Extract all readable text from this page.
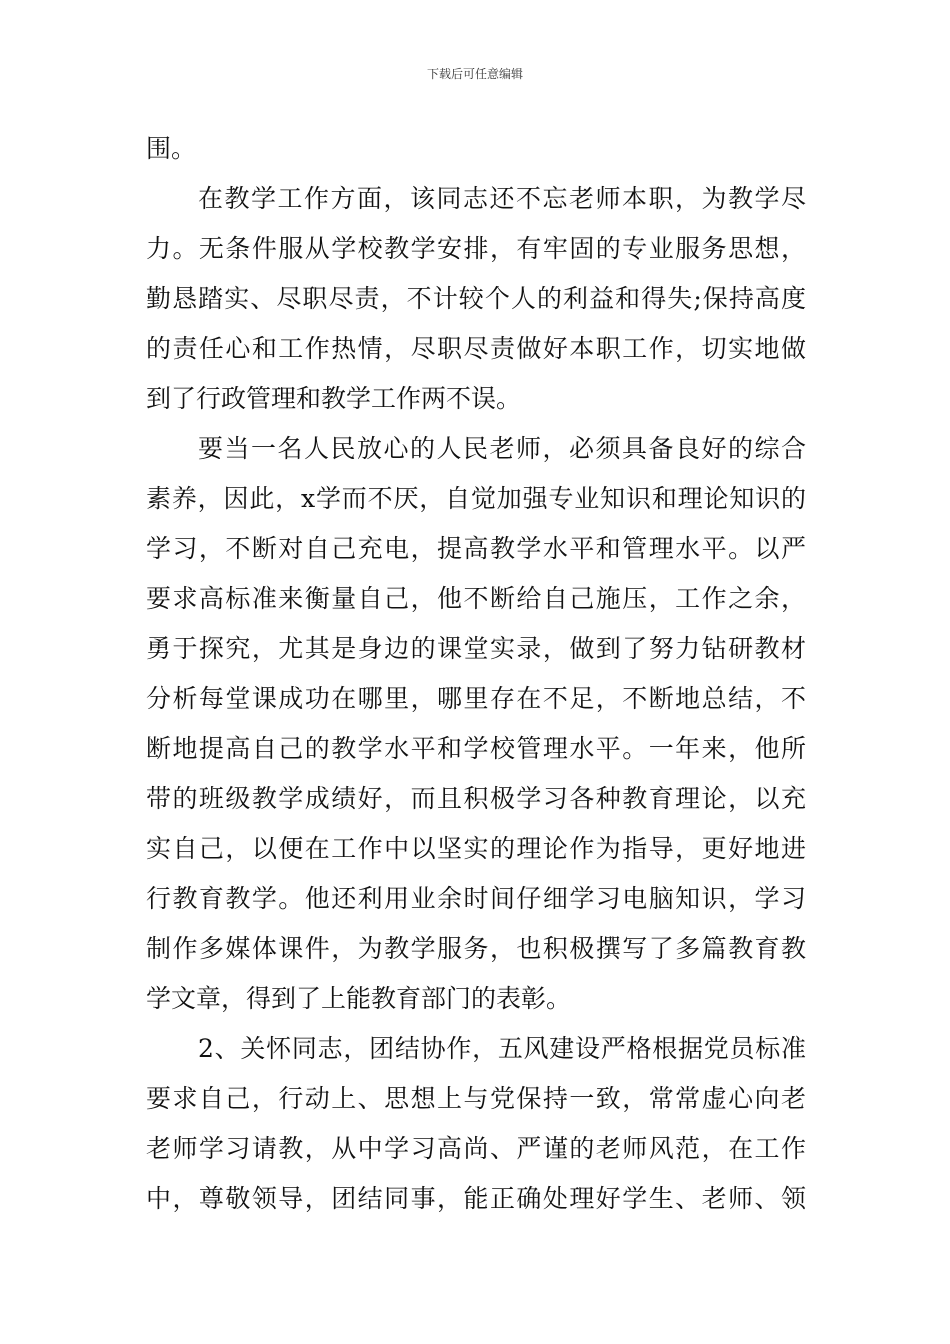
下载后可任意编辑
围。
在教学工作方面，该同志还不忘老师本职，为教学尽
力。无条件服从学校教学安排，有牢固的专业服务思想，
勤恳踏实、尽职尽责，不计较个人的利益和得失;保持高度
的责任心和工作热情，尽职尽责做好本职工作，切实地做
到了行政管理和教学工作两不误。
要当一名人民放心的人民老师，必须具备良好的综合
素养，因此，x学而不厌，自觉加强专业知识和理论知识的
学习，不断对自己充电，提高教学水平和管理水平。以严
要求高标准来衡量自己，他不断给自己施压，工作之余，
勇于探究，尤其是身边的课堂实录，做到了努力钻研教材
分析每堂课成功在哪里，哪里存在不足，不断地总结，不
断地提高自己的教学水平和学校管理水平。一年来，他所
带的班级教学成绩好，而且积极学习各种教育理论，以充
实自己，以便在工作中以坚实的理论作为指导，更好地进
行教育教学。他还利用业余时间仔细学习电脑知识，学习
制作多媒体课件，为教学服务，也积极撰写了多篇教育教
学文章，得到了上能教育部门的表彰。
2、关怀同志，团结协作，五风建设严格根据党员标准
要求自己，行动上、思想上与党保持一致，常常虚心向老
老师学习请教，从中学习高尚、严谨的老师风范，在工作
中，尊敬领导，团结同事，能正确处理好学生、老师、领
